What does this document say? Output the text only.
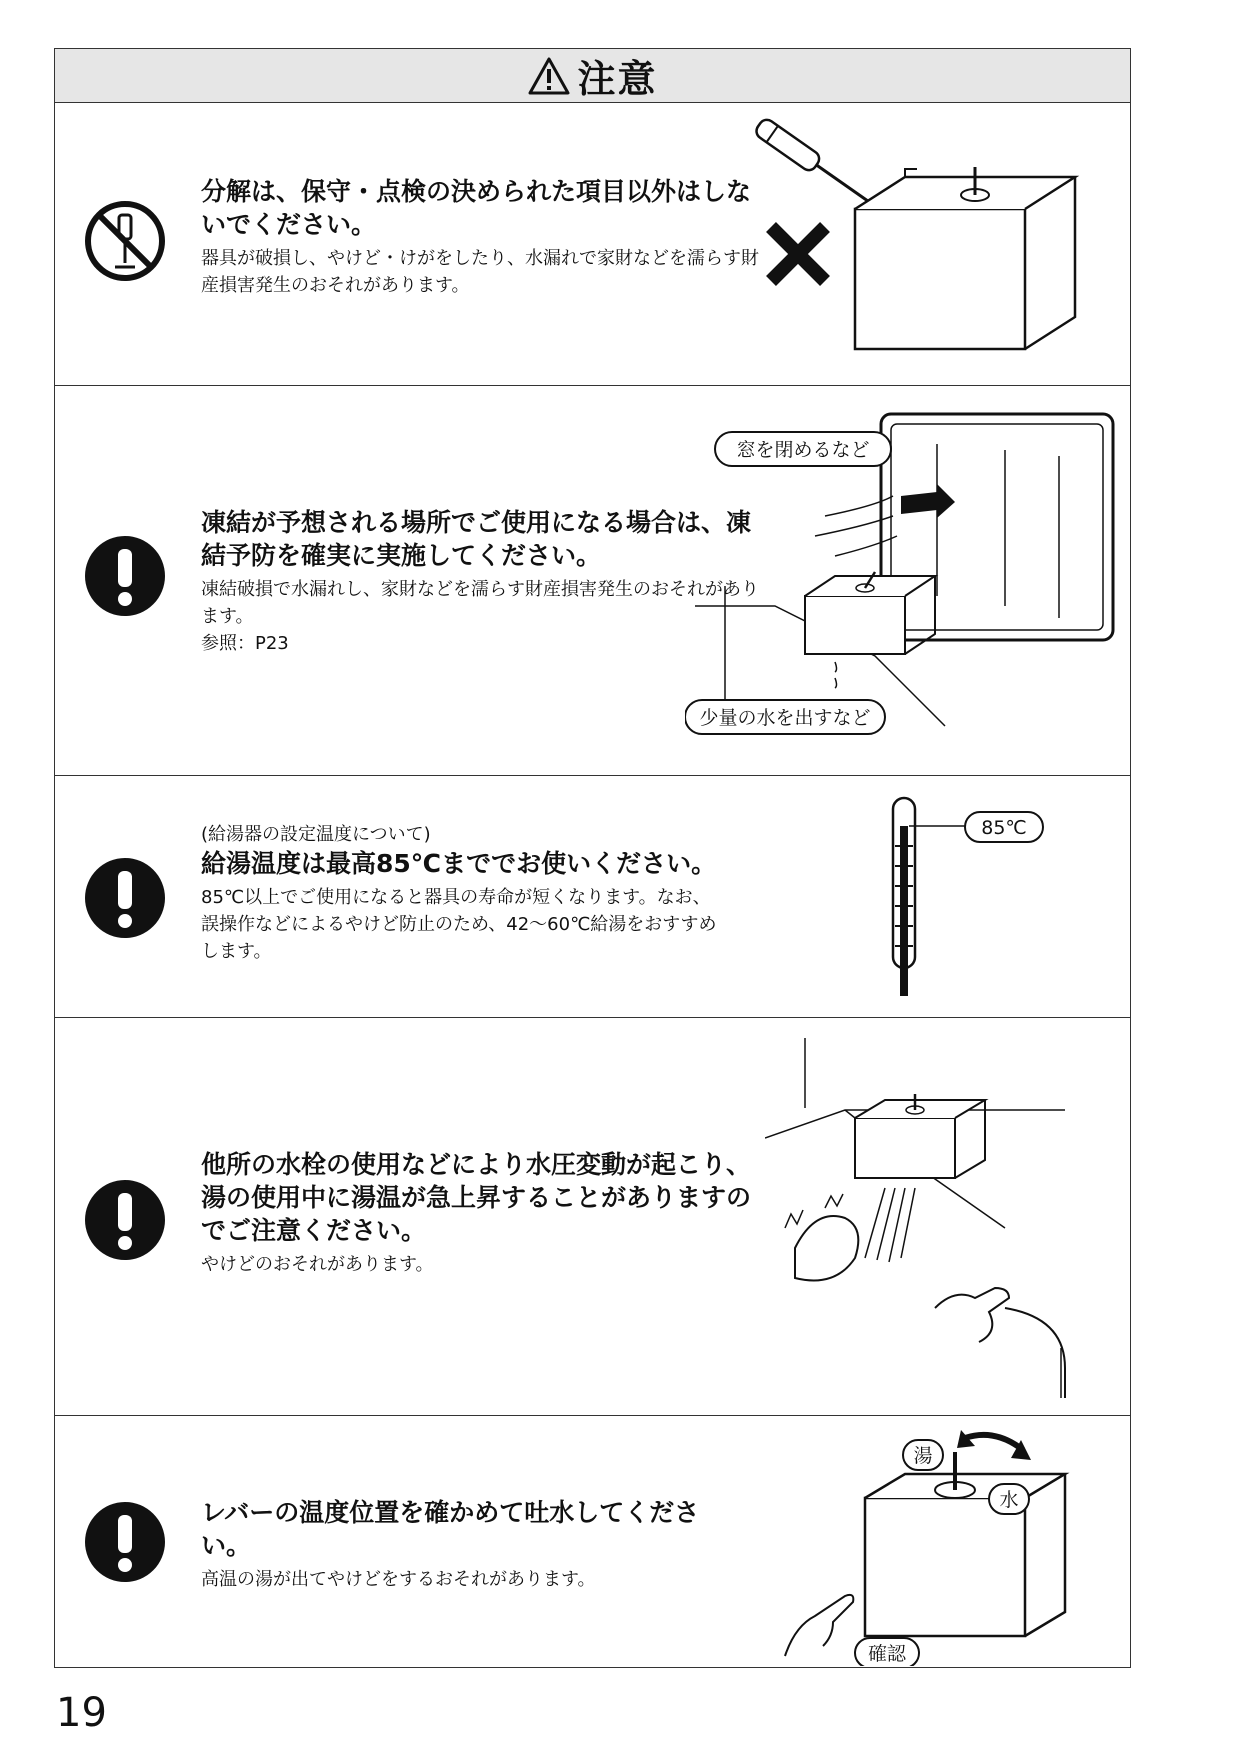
注意
分解は、保守・点検の決められた項目以外はしないでください。
器具が破損し、やけど・けがをしたり、水漏れで家財などを濡らす財産損害発生のおそれがあります。
凍結が予想される場所でご使用になる場合は、凍結予防を確実に実施してください。
凍結破損で水漏れし、家財などを濡らす財産損害発生のおそれがあります。
参照：P23
窓を閉めるなど
少量の水を出すなど
(給湯器の設定温度について)
給湯温度は最高85℃まででお使いください。
85℃以上でご使用になると器具の寿命が短くなります。なお、誤操作などによるやけど防止のため、42〜60℃給湯をおすすめします。
85℃
他所の水栓の使用などにより水圧変動が起こり、湯の使用中に湯温が急上昇することがありますのでご注意ください。
やけどのおそれがあります。
レバーの温度位置を確かめて吐水してください。
高温の湯が出てやけどをするおそれがあります。
湯
水
確認
19
